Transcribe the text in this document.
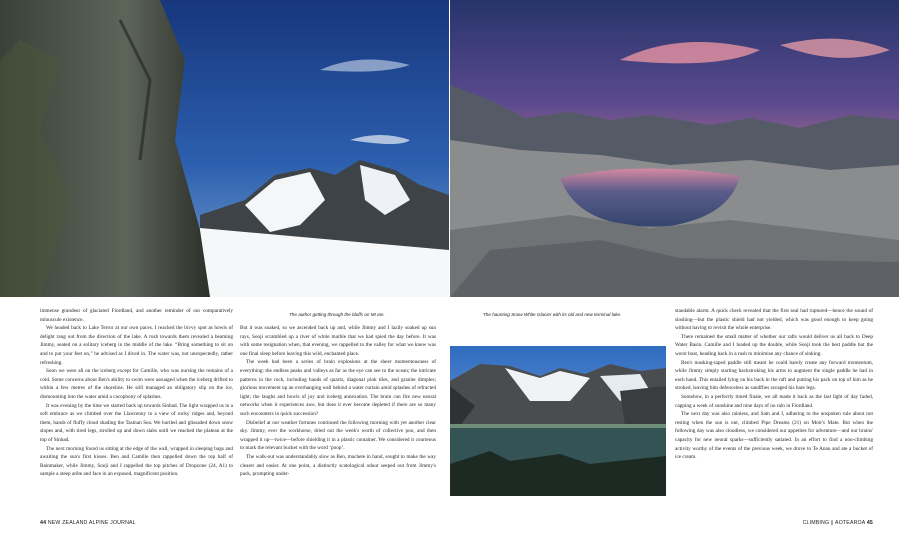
The author getting through the bluffs on Mt Ian.	The haunting Snow White Glacier with its old and new terminal lake.

immense grandeur of glaciated Fiordland, and another reminder of our comparatively minuscule existence.

We headed back to Lake Terror at our own paces. I reached the bivvy spot as howls of delight rang out from the direction of the lake. A rush towards them revealed a beaming Jimmy, seated on a solitary iceberg in the middle of the lake. “Bring something to sit on and to put your feet on,” he advised as I dived in. The water was, not unexpectedly, rather refreshing.

Soon we were all on the iceberg except for Camille, who was nursing the remains of a cold. Some concerns about Ben's ability to swim were assuaged when the iceberg drifted to within a few metres of the shoreline. He still managed an obligatory slip on the ice, dismounting into the water amid a cacophony of splashes.

It was evening by the time we started back up towards Sinbad. The light wrapped us in a soft embrace as we climbed over the Llawrenny to a view of rocky ridges and, beyond them, bands of fluffy cloud shading the Tasman Sea. We hurtled and glissaded down snow slopes and, with tired legs, strolled up and down slabs until we reached the plateau at the top of Sinbad.

The next morning found us sitting at the edge of the wall, wrapped in sleeping bags and awaiting the sun's first kisses. Ben and Camille then rappelled down the top half of Rainmaker, while Jimmy, Sooji and I rappelled the top pitches of Dropzone (24, A1) to sample a steep arête and face in an exposed, magnificent position.

But it was soaked, so we ascended back up and, while Jimmy and I lazily soaked up sun rays, Sooji scrambled up a river of white marble that we had spied the day before. It was with some resignation when, that evening, we rappelled to the valley for what we knew was one final sleep before leaving this wild, enchanted place.

The week had been a series of brain explosions at the sheer momentousness of everything: the endless peaks and valleys as far as the eye can see to the ocean; the intricate patterns in the rock, including bands of quartz, diagonal pink tiles, and granite dimples; glorious movement up an overhanging wall behind a water curtain amid splashes of refracted light; the laughs and howls of joy and iceberg annexation. The brain can fire new neural networks when it experiences awe, but does it ever become depleted if there are so many such encounters in quick succession?

Disbelief at our weather fortunes continued the following morning with yet another clear sky. Jimmy, ever the workhorse, dried out the week's worth of collective poo, and then wrapped it up—twice—before shielding it in a plastic container. We considered it courteous to mark the relevant bucket with the word ‘poop’.

The walk-out was understandably slow as Ben, machete in hand, sought to make the way clearer and easier. At one point, a distinctly scatological odour seeped out from Jimmy's pack, prompting under-

standable alarm. A quick check revealed that the first seal had ruptured—hence the sound of sloshing—but the plastic shield had not yielded, which was good enough to keep going without having to revisit the whole enterprise.

There remained the small matter of whether our rafts would deliver us all back to Deep Water Basin. Camille and I loaded up the double, while Sooji took the best paddle but the worst boat, heading back in a rush to minimise any chance of sinking.

Ben's masking-taped paddle still meant he could barely create any forward momentum, while Jimmy simply starting backstroking his arms to augment the single paddle he had in each hand. This entailed lying on his back in the raft and putting his pack on top of him as he stroked, leaving him defenceless as sandflies ravaged his bare legs.

Somehow, in a perfectly timed finale, we all made it back as the last light of day faded, capping a week of sunshine and nine days of no rain in Fiordland.

The next day was also rainless, and Sam and I, adhering to the unspoken rule about not resting when the sun is out, climbed Pipe Dreams (21) on Moir's Mate. But when the following day was also cloudless, we considered our appetites for adventure—and our brains' capacity for new neural sparks—sufficiently satiated. In an effort to find a non-climbing activity worthy of the events of the previous week, we drove to Te Anau and ate a bucket of ice cream.

44 NEW ZEALAND ALPINE JOURNAL	CLIMBING ∥ AOTEAROA 45
